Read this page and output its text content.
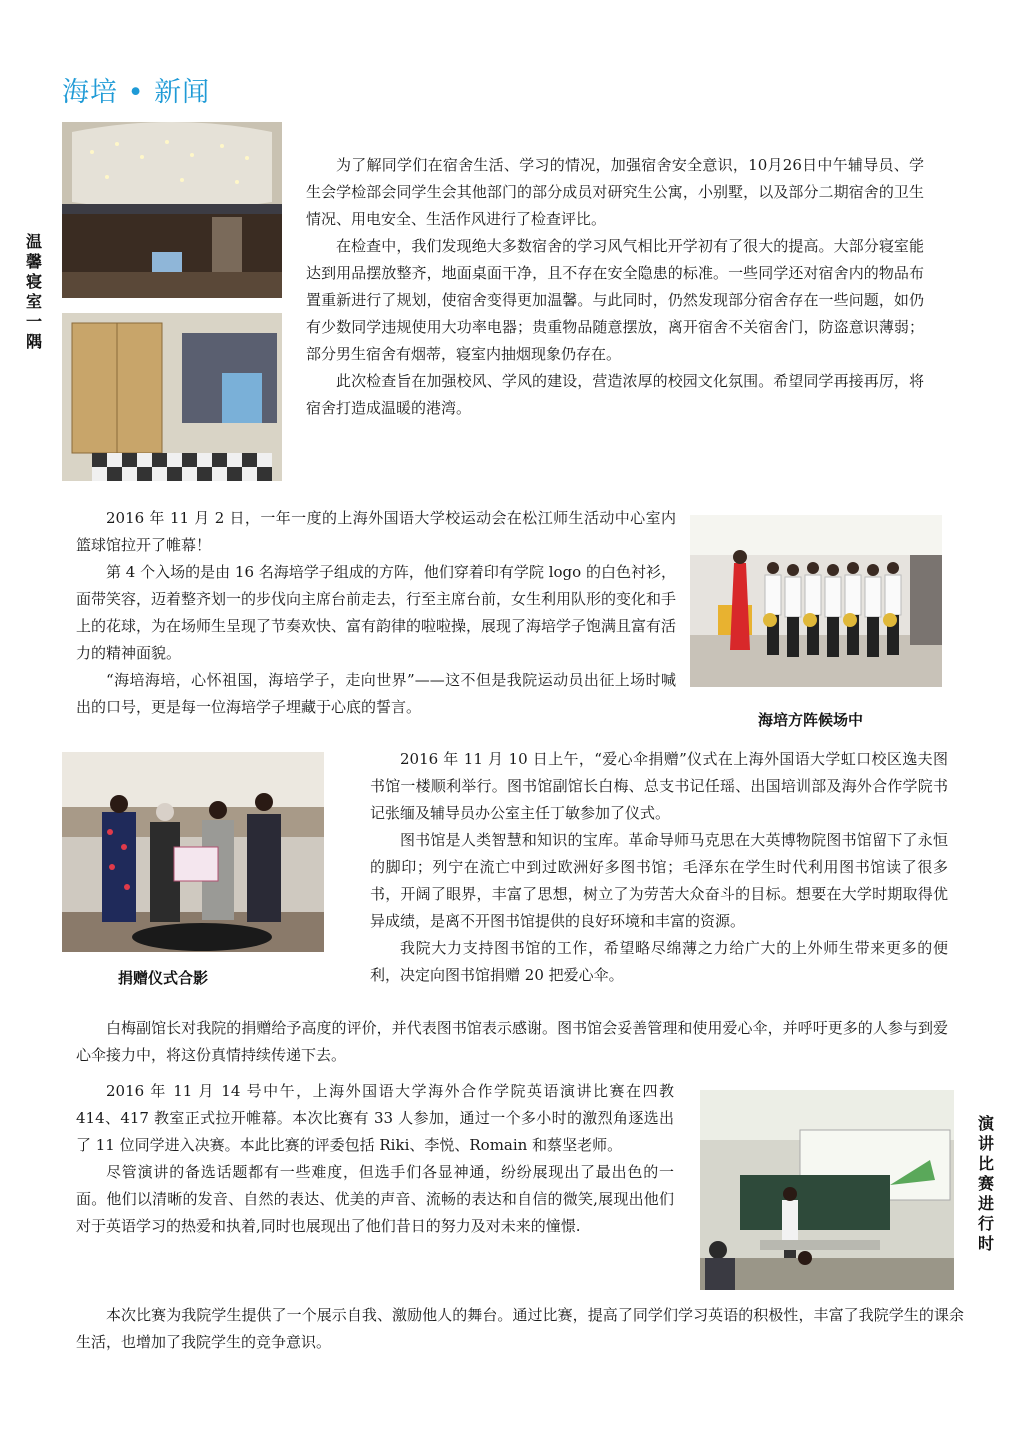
海培 • 新闻
温馨寝室一隅

为了解同学们在宿舍生活、学习的情况，加强宿舍安全意识，10月26日中午辅导员、学生会学检部会同学生会其他部门的部分成员对研究生公寓，小别墅，以及部分二期宿舍的卫生情况、用电安全、生活作风进行了检查评比。

在检查中，我们发现绝大多数宿舍的学习风气相比开学初有了很大的提高。大部分寝室能达到用品摆放整齐，地面桌面干净，且不存在安全隐患的标准。一些同学还对宿舍内的物品布置重新进行了规划，使宿舍变得更加温馨。与此同时，仍然发现部分宿舍存在一些问题，如仍有少数同学违规使用大功率电器；贵重物品随意摆放，离开宿舍不关宿舍门，防盗意识薄弱；部分男生宿舍有烟蒂，寝室内抽烟现象仍存在。

此次检查旨在加强校风、学风的建设，营造浓厚的校园文化氛围。希望同学再接再厉，将宿舍打造成温暖的港湾。

2016 年 11 月 2 日，一年一度的上海外国语大学校运动会在松江师生活动中心室内篮球馆拉开了帷幕！

第 4 个入场的是由 16 名海培学子组成的方阵，他们穿着印有学院 logo 的白色衬衫，面带笑容，迈着整齐划一的步伐向主席台前走去，行至主席台前，女生利用队形的变化和手上的花球，为在场师生呈现了节奏欢快、富有韵律的啦啦操，展现了海培学子饱满且富有活力的精神面貌。

“海培海培，心怀祖国，海培学子，走向世界”——这不但是我院运动员出征上场时喊出的口号，更是每一位海培学子埋藏于心底的誓言。

海培方阵候场中
捐赠仪式合影

2016 年 11 月 10 日上午，“爱心伞捐赠”仪式在上海外国语大学虹口校区逸夫图书馆一楼顺利举行。图书馆副馆长白梅、总支书记任瑶、出国培训部及海外合作学院书记张缅及辅导员办公室主任丁敏参加了仪式。

图书馆是人类智慧和知识的宝库。革命导师马克思在大英博物院图书馆留下了永恒的脚印；列宁在流亡中到过欧洲好多图书馆；毛泽东在学生时代利用图书馆读了很多书，开阔了眼界，丰富了思想，树立了为劳苦大众奋斗的目标。想要在大学时期取得优异成绩，是离不开图书馆提供的良好环境和丰富的资源。

我院大力支持图书馆的工作，希望略尽绵薄之力给广大的上外师生带来更多的便利，决定向图书馆捐赠 20 把爱心伞。

白梅副馆长对我院的捐赠给予高度的评价，并代表图书馆表示感谢。图书馆会妥善管理和使用爱心伞，并呼吁更多的人参与到爱心伞接力中，将这份真情持续传递下去。

2016 年 11 月 14 号中午，上海外国语大学海外合作学院英语演讲比赛在四教 414、417 教室正式拉开帷幕。本次比赛有 33 人参加，通过一个多小时的激烈角逐选出了 11 位同学进入决赛。本此比赛的评委包括 Riki、李悦、Romain 和蔡坚老师。

尽管演讲的备选话题都有一些难度，但选手们各显神通，纷纷展现出了最出色的一面。他们以清晰的发音、自然的表达、优美的声音、流畅的表达和自信的微笑,展现出他们对于英语学习的热爱和执着,同时也展现出了他们昔日的努力及对未来的憧憬.

演讲比赛进行时

本次比赛为我院学生提供了一个展示自我、激励他人的舞台。通过比赛，提高了同学们学习英语的积极性，丰富了我院学生的课余生活，也增加了我院学生的竞争意识。
